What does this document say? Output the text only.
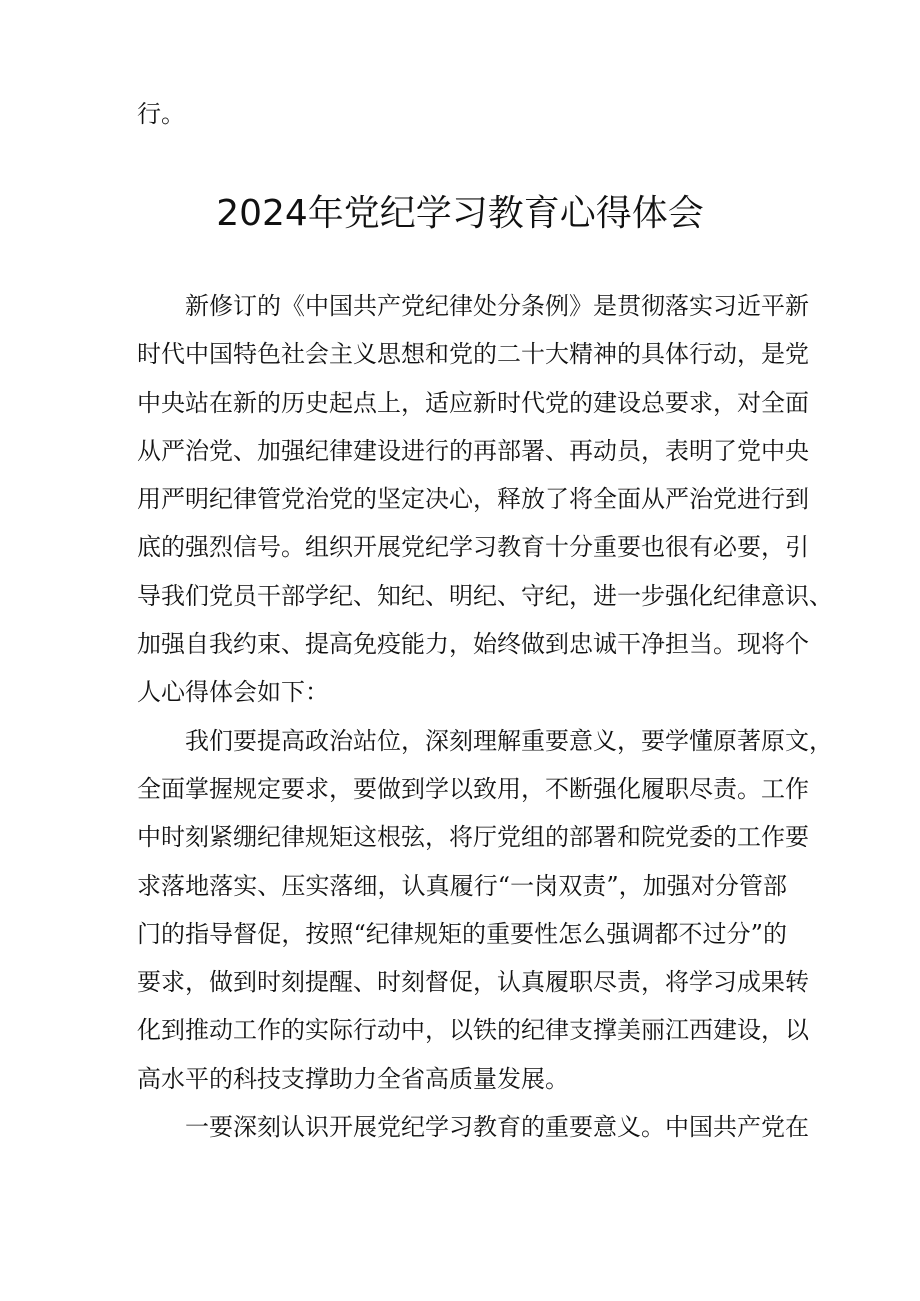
行。
2024年党纪学习教育心得体会

新修订的《中国共产党纪律处分条例》是贯彻落实习近平新
时代中国特色社会主义思想和党的二十大精神的具体行动，是党
中央站在新的历史起点上，适应新时代党的建设总要求，对全面
从严治党、加强纪律建设进行的再部署、再动员，表明了党中央
用严明纪律管党治党的坚定决心，释放了将全面从严治党进行到
底的强烈信号。组织开展党纪学习教育十分重要也很有必要，引
导我们党员干部学纪、知纪、明纪、守纪，进一步强化纪律意识、
加强自我约束、提高免疫能力，始终做到忠诚干净担当。现将个
人心得体会如下：

我们要提高政治站位，深刻理解重要意义，要学懂原著原文，
全面掌握规定要求，要做到学以致用，不断强化履职尽责。工作
中时刻紧绷纪律规矩这根弦，将厅党组的部署和院党委的工作要
求落地落实、压实落细，认真履行“一岗双责”，加强对分管部
门的指导督促，按照“纪律规矩的重要性怎么强调都不过分”的
要求，做到时刻提醒、时刻督促，认真履职尽责，将学习成果转
化到推动工作的实际行动中，以铁的纪律支撑美丽江西建设，以
高水平的科技支撑助力全省高质量发展。

一要深刻认识开展党纪学习教育的重要意义。中国共产党在
